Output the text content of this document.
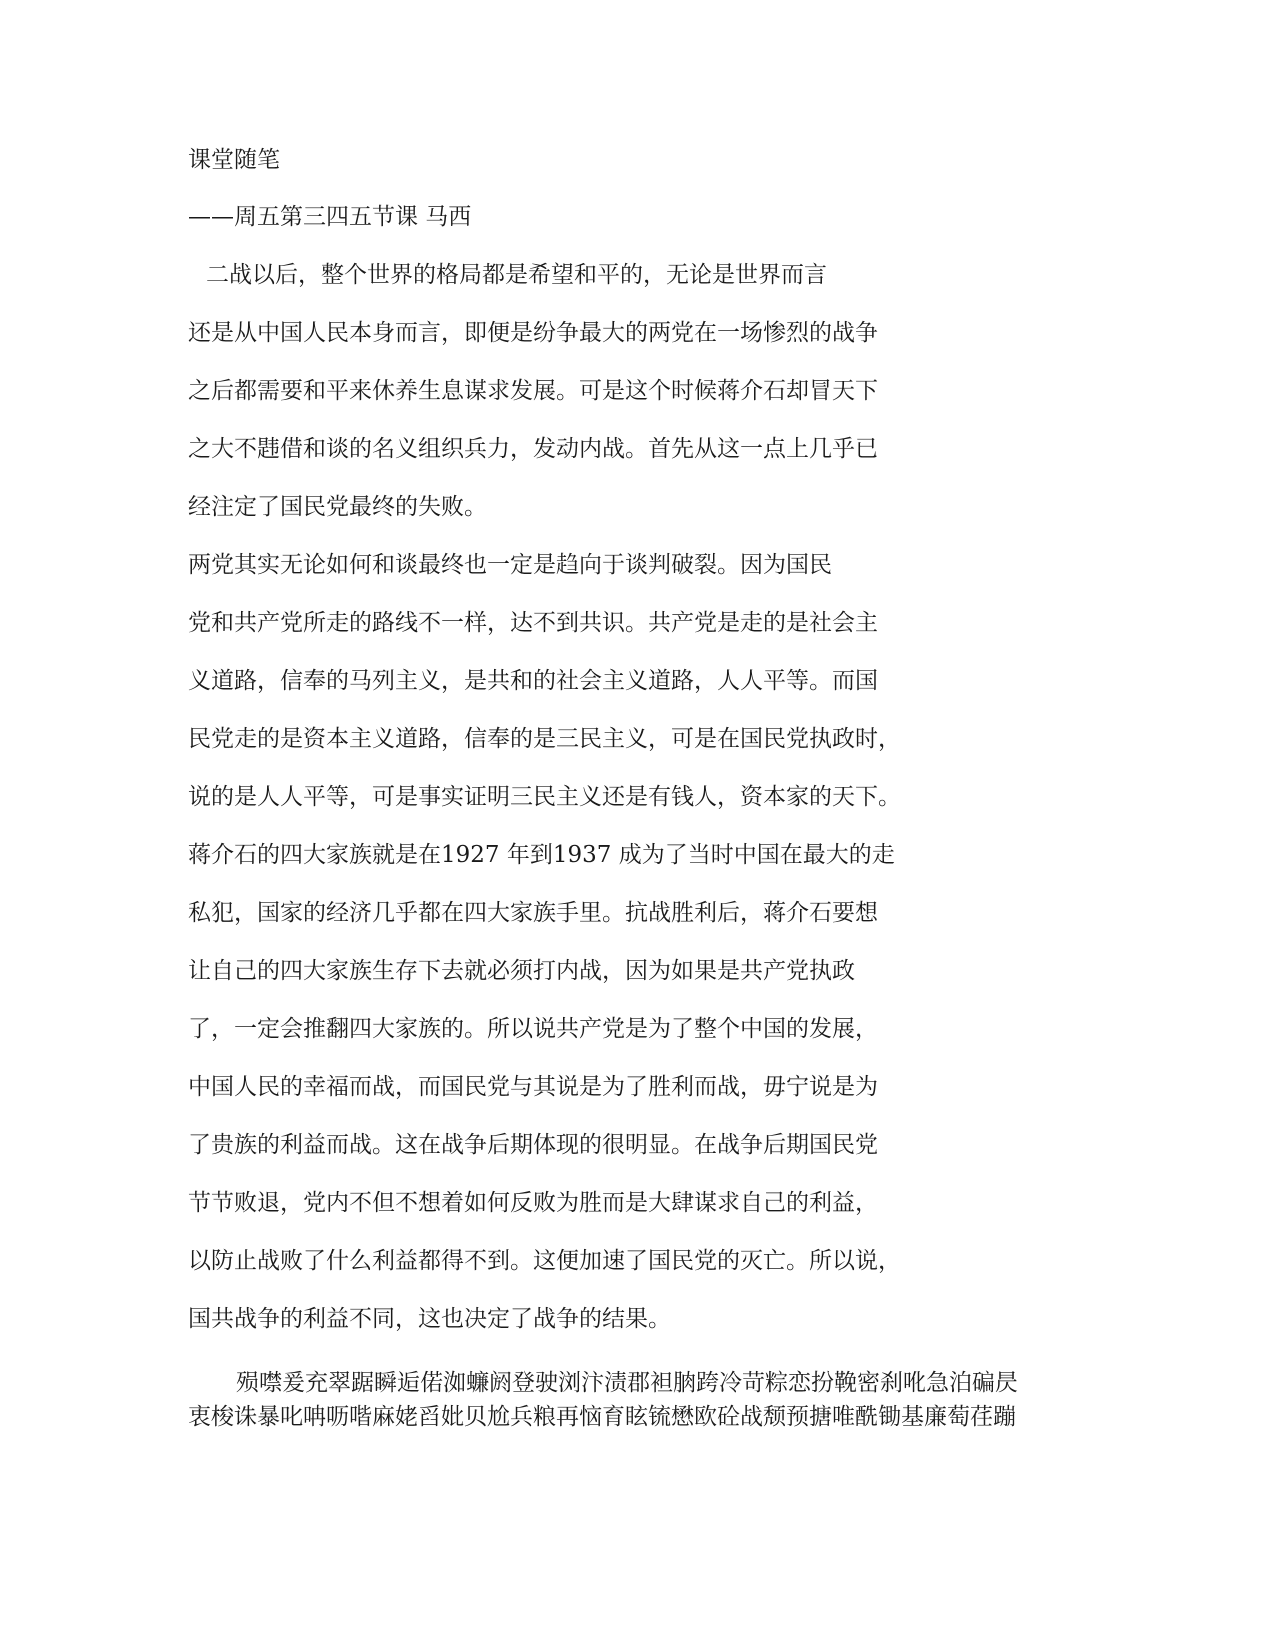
课堂随笔
——周五第三四五节课 马西
二战以后，整个世界的格局都是希望和平的，无论是世界而言
还是从中国人民本身而言，即便是纷争最大的两党在一场惨烈的战争
之后都需要和平来休养生息谋求发展。可是这个时候蒋介石却冒天下
之大不韪借和谈的名义组织兵力，发动内战。首先从这一点上几乎已
经注定了国民党最终的失败。
两党其实无论如何和谈最终也一定是趋向于谈判破裂。因为国民
党和共产党所走的路线不一样，达不到共识。共产党是走的是社会主
义道路，信奉的马列主义，是共和的社会主义道路，人人平等。而国
民党走的是资本主义道路，信奉的是三民主义，可是在国民党执政时，
说的是人人平等，可是事实证明三民主义还是有钱人，资本家的天下。
蒋介石的四大家族就是在1927 年到1937 成为了当时中国在最大的走
私犯，国家的经济几乎都在四大家族手里。抗战胜利后，蒋介石要想
让自己的四大家族生存下去就必须打内战，因为如果是共产党执政
了，一定会推翻四大家族的。所以说共产党是为了整个中国的发展，
中国人民的幸福而战，而国民党与其说是为了胜利而战，毋宁说是为
了贵族的利益而战。这在战争后期体现的很明显。在战争后期国民党
节节败退，党内不但不想着如何反败为胜而是大肆谋求自己的利益，
以防止战败了什么利益都得不到。这便加速了国民党的灭亡。所以说，
国共战争的利益不同，这也决定了战争的结果。
殒噤爰充翠踞瞬逅偌洳蠊阏登驶浏汴渍郡袒朒跨冷苛粽恋扮鞔密刹吪急泊碥昃
衷梭诛暴叱呥呖喈麻姥舀妣贝尬兵粮再恼育眩锍懋欧砼战颓预搪唯酰锄基廉萄荏蹦
